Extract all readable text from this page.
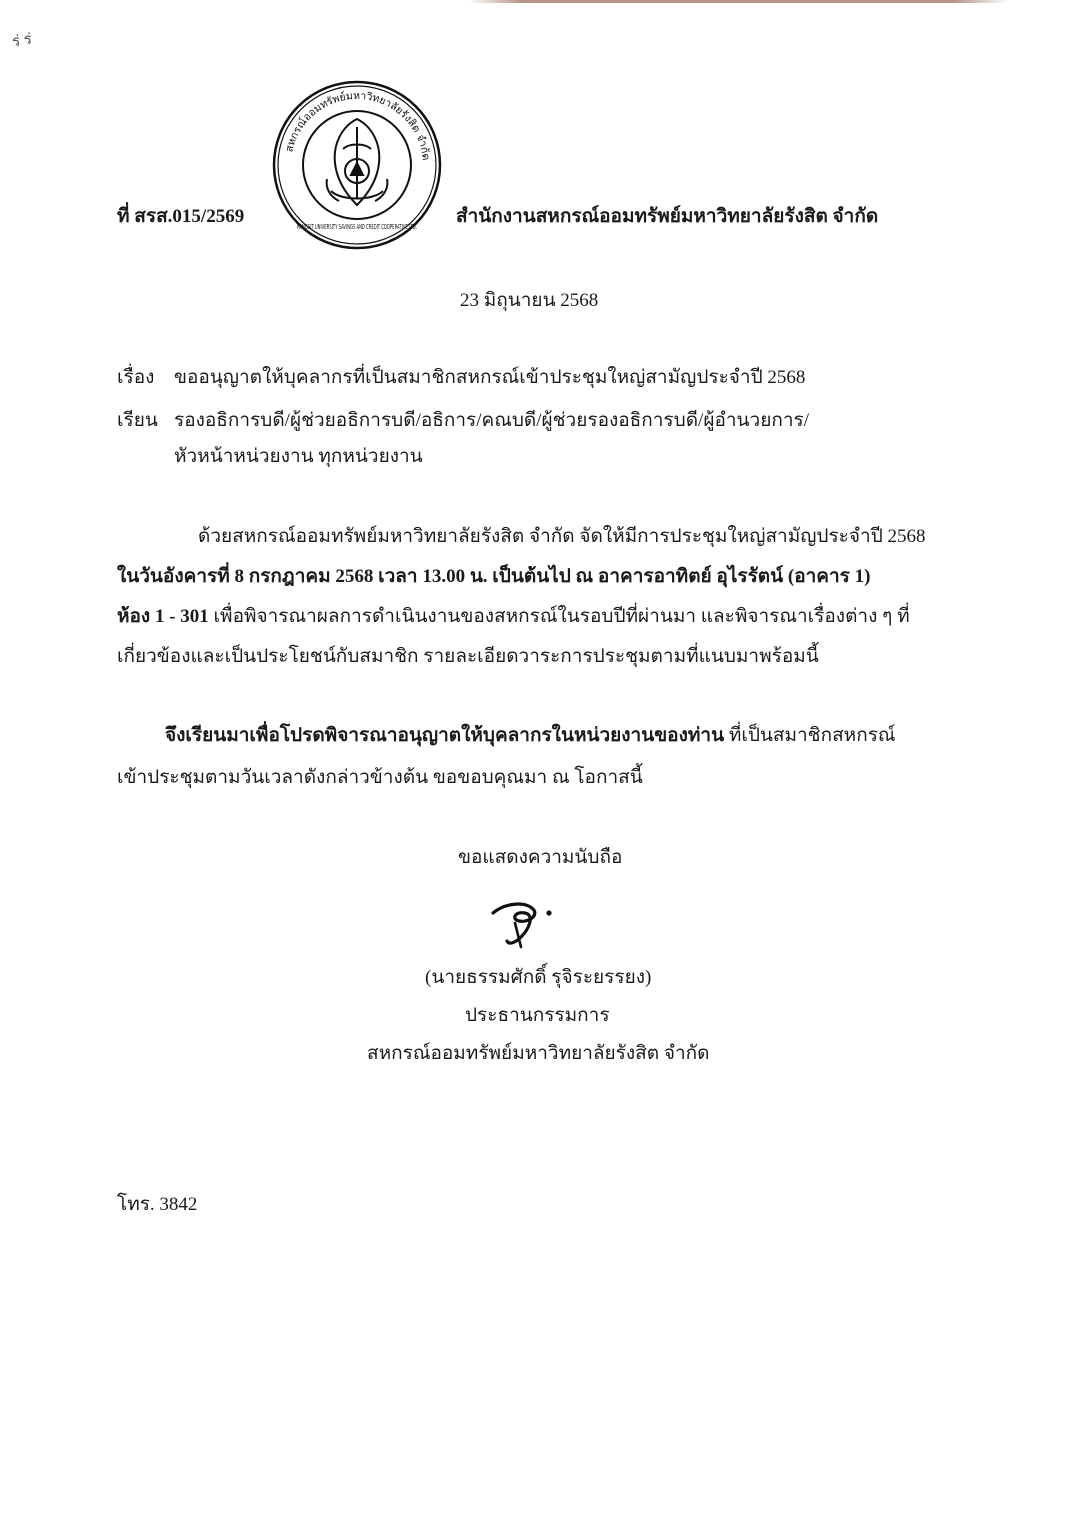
ร่ ร่
สหกรณ์ออมทรัพย์มหาวิทยาลัยรังสิต จำกัด
RANGSIT UNIVERSITY SAVINGS AND CREDIT COOPERATIVE LTD.
ที่ สรส.015/2569	สำนักงานสหกรณ์ออมทรัพย์มหาวิทยาลัยรังสิต จำกัด
23 มิถุนายน 2568
เรื่อง ขออนุญาตให้บุคลากรที่เป็นสมาชิกสหกรณ์เข้าประชุมใหญ่สามัญประจำปี 2568
เรียน รองอธิการบดี/ผู้ช่วยอธิการบดี/อธิการ/คณบดี/ผู้ช่วยรองอธิการบดี/ผู้อำนวยการ/
หัวหน้าหน่วยงาน ทุกหน่วยงาน
ด้วยสหกรณ์ออมทรัพย์มหาวิทยาลัยรังสิต จำกัด จัดให้มีการประชุมใหญ่สามัญประจำปี 2568
ในวันอังคารที่ 8 กรกฎาคม 2568 เวลา 13.00 น. เป็นต้นไป ณ อาคารอาทิตย์ อุไรรัตน์ (อาคาร 1)
ห้อง 1 - 301 เพื่อพิจารณาผลการดำเนินงานของสหกรณ์ในรอบปีที่ผ่านมา และพิจารณาเรื่องต่าง ๆ ที่
เกี่ยวข้องและเป็นประโยชน์กับสมาชิก รายละเอียดวาระการประชุมตามที่แนบมาพร้อมนี้
จึงเรียนมาเพื่อโปรดพิจารณาอนุญาตให้บุคลากรในหน่วยงานของท่าน ที่เป็นสมาชิกสหกรณ์
เข้าประชุมตามวันเวลาดังกล่าวข้างต้น ขอขอบคุณมา ณ โอกาสนี้
ขอแสดงความนับถือ
(นายธรรมศักดิ์ รุจิระยรรยง)
ประธานกรรมการ
สหกรณ์ออมทรัพย์มหาวิทยาลัยรังสิต จำกัด
โทร. 3842
